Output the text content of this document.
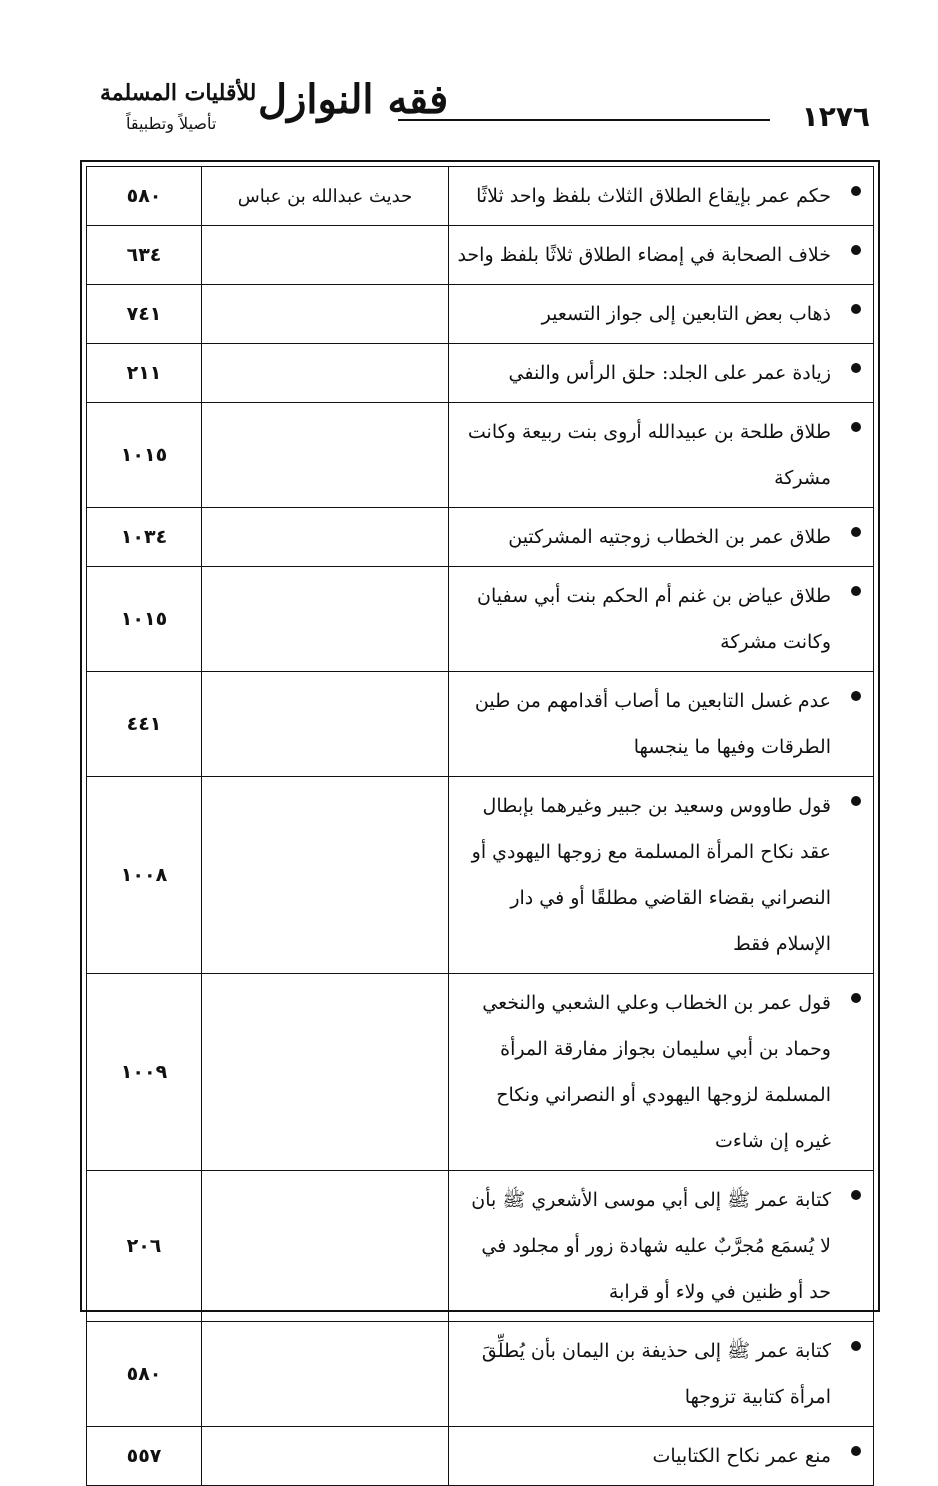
١٢٧٦
فقه النوازل
للأقليات المسلمة
تأصيلاً وتطبيقاً
حكم عمر بإيقاع الطلاق الثلاث بلفظ واحد ثلاثًا	حديث عبدالله بن عباس	٥٨٠

خلاف الصحابة في إمضاء الطلاق ثلاثًا بلفظ واحد		٦٣٤

ذهاب بعض التابعين إلى جواز التسعير		٧٤١

زيادة عمر على الجلد: حلق الرأس والنفي		٢١١

طلاق طلحة بن عبيدالله أروى بنت ربيعة وكانت مشركة		١٠١٥

طلاق عمر بن الخطاب زوجتيه المشركتين		١٠٣٤

طلاق عياض بن غنم أم الحكم بنت أبي سفيان وكانت مشركة		١٠١٥

عدم غسل التابعين ما أصاب أقدامهم من طين الطرقات وفيها ما ينجسها		٤٤١

قول طاووس وسعيد بن جبير وغيرهما بإبطال عقد نكاح المرأة المسلمة مع زوجها اليهودي أو النصراني بقضاء القاضي مطلقًا أو في دار الإسلام فقط		١٠٠٨

قول عمر بن الخطاب وعلي الشعبي والنخعي وحماد بن أبي سليمان بجواز مفارقة المرأة المسلمة لزوجها اليهودي أو النصراني ونكاح غيره إن شاءت		١٠٠٩

كتابة عمر ﷺ إلى أبي موسى الأشعري ﷺ بأن لا يُسمَع مُجرَّبٌ عليه شهادة زور أو مجلود في حد أو ظنين في ولاء أو قرابة		٢٠٦

كتابة عمر ﷺ إلى حذيفة بن اليمان بأن يُطلِّقَ امرأة كتابية تزوجها		٥٨٠

منع عمر نكاح الكتابيات		٥٥٧
